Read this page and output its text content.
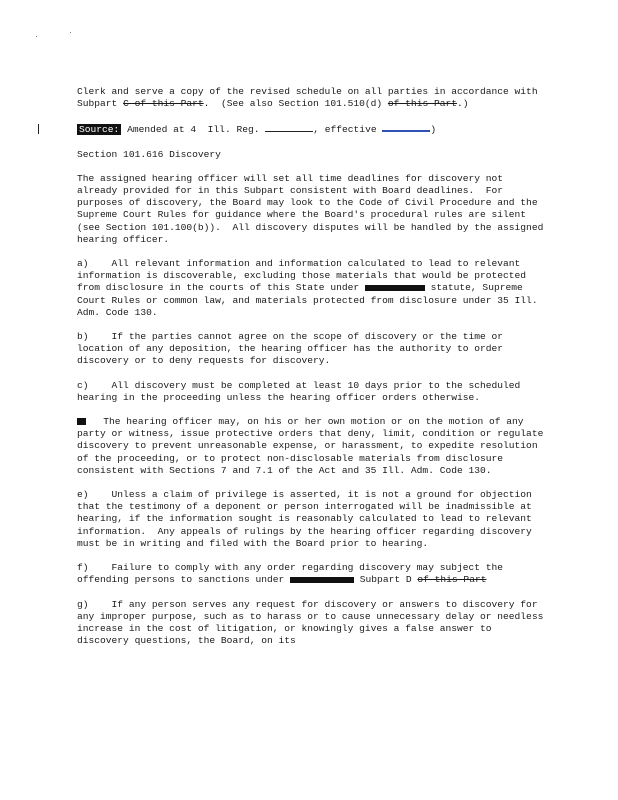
Clerk and serve a copy of the revised schedule on all parties in accordance with Subpart C of this Part.  (See also Section 101.510(d) of this Part.)

Source: Amended at 4  Ill. Reg.	, effective	)

Section 101.616 Discovery

The assigned hearing officer will set all time deadlines for discovery not already provided for in this Subpart consistent with Board deadlines.  For purposes of discovery, the Board may look to the Code of Civil Procedure and the Supreme Court Rules for guidance where the Board's procedural rules are silent (see Section 101.100(b)).  All discovery disputes will be handled by the assigned hearing officer.

a)    All relevant information and information calculated to lead to relevant information is discoverable, excluding those materials that would be protected from disclosure in the courts of this State under	statute, Supreme Court Rules or common law, and materials protected from disclosure under 35 Ill. Adm. Code 130.

b)    If the parties cannot agree on the scope of discovery or the time or location of any deposition, the hearing officer has the authority to order discovery or to deny requests for discovery.

c)    All discovery must be completed at least 10 days prior to the scheduled hearing in the proceeding unless the hearing officer orders otherwise.

The hearing officer may, on his or her own motion or on the motion of any party or witness, issue protective orders that deny, limit, condition or regulate discovery to prevent unreasonable expense, or harassment, to expedite resolution of the proceeding, or to protect non-disclosable materials from disclosure consistent with Sections 7 and 7.1 of the Act and 35 Ill. Adm. Code 130.

e)    Unless a claim of privilege is asserted, it is not a ground for objection that the testimony of a deponent or person interrogated will be inadmissible at hearing, if the information sought is reasonably calculated to lead to relevant information.  Any appeals of rulings by the hearing officer regarding discovery must be in writing and filed with the Board prior to hearing.

f)    Failure to comply with any order regarding discovery may subject the offending persons to sanctions under	Subpart D of this Part

g)    If any person serves any request for discovery or answers to discovery for any improper purpose, such as to harass or to cause unnecessary delay or needless increase in the cost of litigation, or knowingly gives a false answer to discovery questions, the Board, on its
